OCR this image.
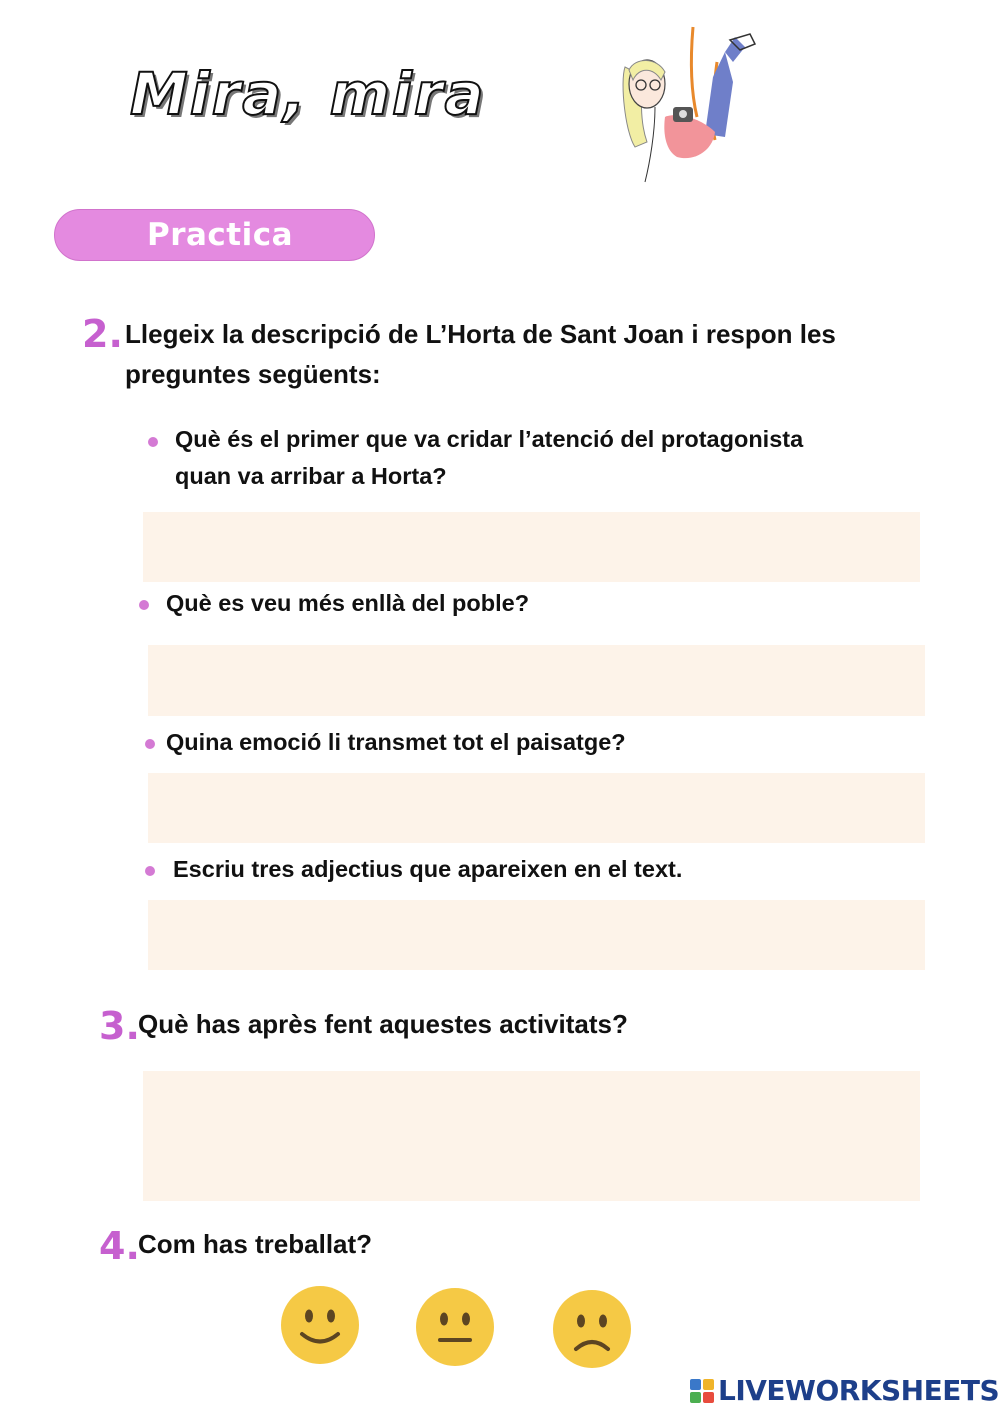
Mira, mira
Practica
2. Llegeix la descripció de L’Horta de Sant Joan i respon les
preguntes següents:
Què és el primer que va cridar l’atenció del protagonista
quan va arribar a Horta?
Què es veu més enllà del poble?
Quina emoció li transmet tot el paisatge?
Escriu tres adjectius que apareixen en el text.
3.
Què has après fent aquestes activitats?
4.
Com has treballat?
LIVEWORKSHEETS
